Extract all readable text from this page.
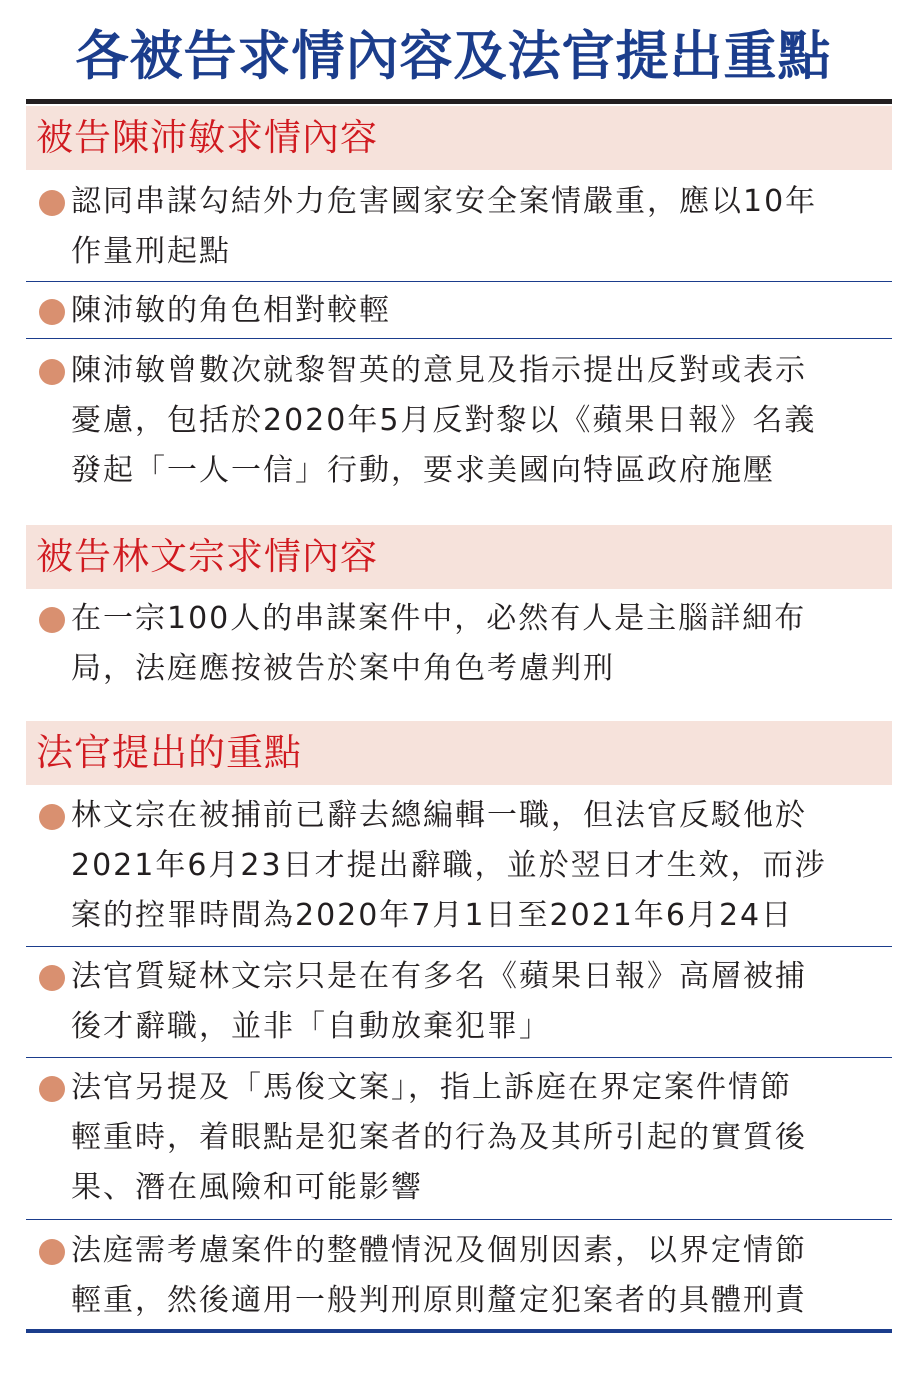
各被告求情內容及法官提出重點
被告陳沛敏求情內容
認同串謀勾結外力危害國家安全案情嚴重，應以10年
作量刑起點
陳沛敏的角色相對較輕
陳沛敏曾數次就黎智英的意見及指示提出反對或表示
憂慮，包括於2020年5月反對黎以《蘋果日報》名義
發起「一人一信」行動，要求美國向特區政府施壓
被告林文宗求情內容
在一宗100人的串謀案件中，必然有人是主腦詳細布
局，法庭應按被告於案中角色考慮判刑
法官提出的重點
林文宗在被捕前已辭去總編輯一職，但法官反駁他於
2021年6月23日才提出辭職，並於翌日才生效，而涉
案的控罪時間為2020年7月1日至2021年6月24日
法官質疑林文宗只是在有多名《蘋果日報》高層被捕
後才辭職，並非「自動放棄犯罪」
法官另提及「馬俊文案」，指上訴庭在界定案件情節
輕重時，着眼點是犯案者的行為及其所引起的實質後
果、潛在風險和可能影響
法庭需考慮案件的整體情況及個別因素，以界定情節
輕重，然後適用一般判刑原則釐定犯案者的具體刑責
